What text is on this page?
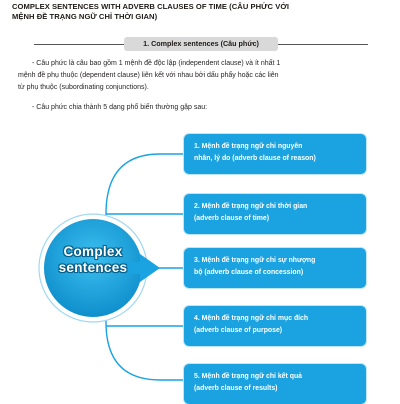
COMPLEX SENTENCES WITH ADVERB CLAUSES OF TIME (CÂU PHỨC VỚI
MỆNH ĐỀ TRẠNG NGỮ CHỈ THỜI GIAN)
1. Complex sentences (Câu phức)
- Câu phức là câu bao gồm 1 mệnh đề độc lập (independent clause) và ít nhất 1
mệnh đề phụ thuộc (dependent clause) liên kết với nhau bởi dấu phẩy hoặc các liên
từ phụ thuộc (subordinating conjunctions).
- Câu phức chia thành 5 dạng phổ biến thường gặp sau:
Complex
sentences
1. Mệnh đề trạng ngữ chỉ nguyên
nhân, lý do (adverb clause of reason)
2. Mệnh đề trạng ngữ chỉ thời gian
(adverb clause of time)
3. Mệnh đề trạng ngữ chỉ sự nhượng
bộ (adverb clause of concession)
4. Mệnh đề trạng ngữ chỉ mục đích
(adverb clause of purpose)
5. Mệnh đề trạng ngữ chỉ kết quả
(adverb clause of results)
